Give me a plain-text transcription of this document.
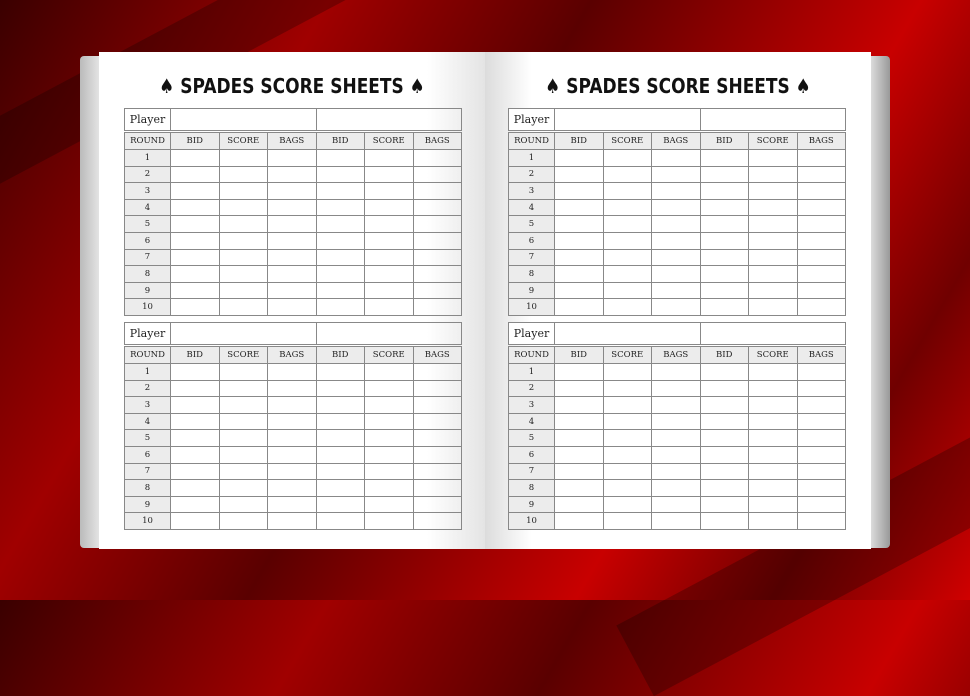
♠ SPADES SCORE SHEETS ♠
Player		
ROUND	BID	SCORE	BAGS	BID	SCORE	BAGS
1						
2						
3						
4						
5						
6						
7						
8						
9						
10						
Player		
ROUND	BID	SCORE	BAGS	BID	SCORE	BAGS
1						
2						
3						
4						
5						
6						
7						
8						
9						
10						
♠ SPADES SCORE SHEETS ♠
Player		
ROUND	BID	SCORE	BAGS	BID	SCORE	BAGS
1						
2						
3						
4						
5						
6						
7						
8						
9						
10						
Player		
ROUND	BID	SCORE	BAGS	BID	SCORE	BAGS
1						
2						
3						
4						
5						
6						
7						
8						
9						
10						
